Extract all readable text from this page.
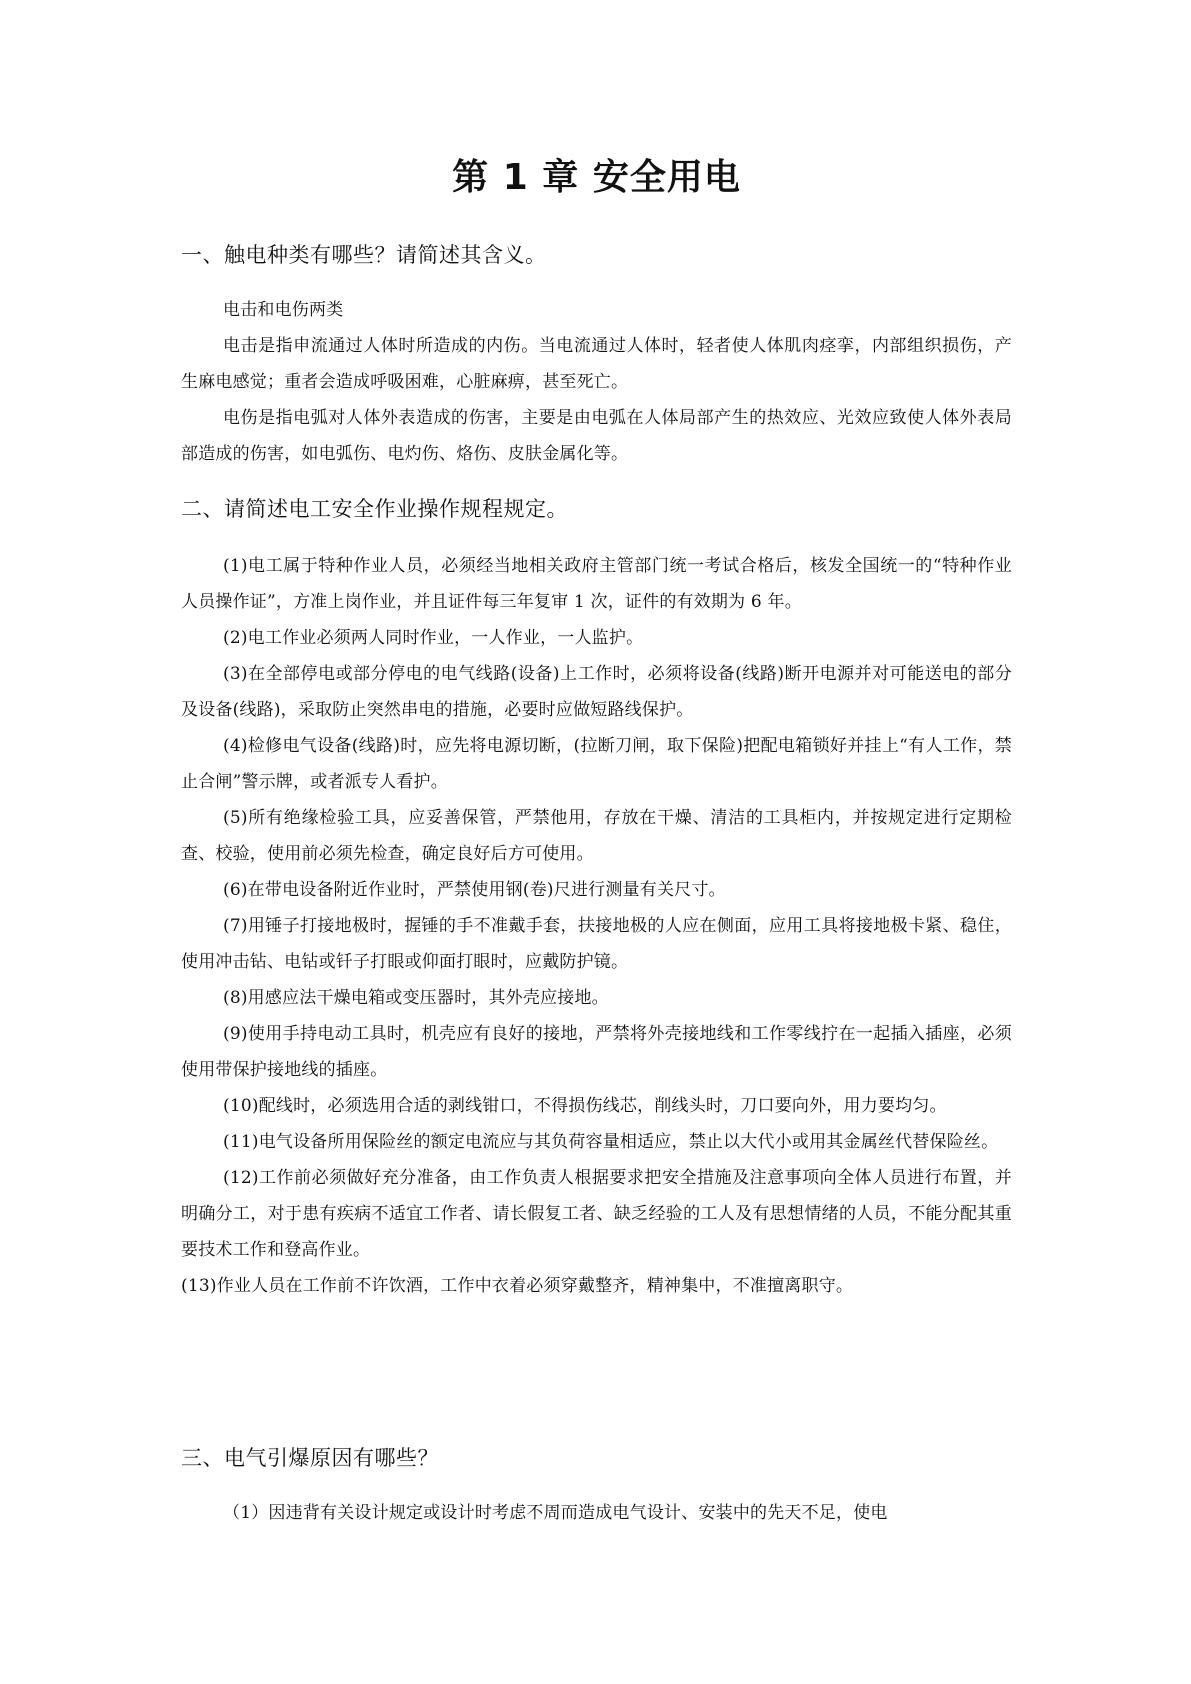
第 1 章 安全用电
一、触电种类有哪些？请简述其含义。

电击和电伤两类

电击是指申流通过人体时所造成的内伤。当电流通过人体时，轻者使人体肌肉痉挛，内部组织损伤，产生麻电感觉；重者会造成呼吸困难，心脏麻痹，甚至死亡。

电伤是指电弧对人体外表造成的伤害，主要是由电弧在人体局部产生的热效应、光效应致使人体外表局部造成的伤害，如电弧伤、电灼伤、烙伤、皮肤金属化等。

二、请简述电工安全作业操作规程规定。

(1)电工属于特种作业人员，必须经当地相关政府主管部门统一考试合格后，核发全国统一的“特种作业人员操作证”，方准上岗作业，并且证件每三年复审 1 次，证件的有效期为 6 年。

(2)电工作业必须两人同时作业，一人作业，一人监护。

(3)在全部停电或部分停电的电气线路(设备)上工作时，必须将设备(线路)断开电源并对可能送电的部分及设备(线路)，采取防止突然串电的措施，必要时应做短路线保护。

(4)检修电气设备(线路)时，应先将电源切断，(拉断刀闸，取下保险)把配电箱锁好并挂上“有人工作，禁止合闸”警示牌，或者派专人看护。

(5)所有绝缘检验工具，应妥善保管，严禁他用，存放在干燥、清洁的工具柜内，并按规定进行定期检查、校验，使用前必须先检查，确定良好后方可使用。

(6)在带电设备附近作业时，严禁使用钢(卷)尺进行测量有关尺寸。

(7)用锤子打接地极时，握锤的手不准戴手套，扶接地极的人应在侧面，应用工具将接地极卡紧、稳住，使用冲击钻、电钻或钎子打眼或仰面打眼时，应戴防护镜。

(8)用感应法干燥电箱或变压器时，其外壳应接地。

(9)使用手持电动工具时，机壳应有良好的接地，严禁将外壳接地线和工作零线拧在一起插入插座，必须使用带保护接地线的插座。

(10)配线时，必须选用合适的剥线钳口，不得损伤线芯，削线头时，刀口要向外，用力要均匀。

(11)电气设备所用保险丝的额定电流应与其负荷容量相适应，禁止以大代小或用其金属丝代替保险丝。

(12)工作前必须做好充分准备，由工作负责人根据要求把安全措施及注意事项向全体人员进行布置，并明确分工，对于患有疾病不适宜工作者、请长假复工者、缺乏经验的工人及有思想情绪的人员，不能分配其重要技术工作和登高作业。

(13)作业人员在工作前不许饮酒，工作中衣着必须穿戴整齐，精神集中，不准擅离职守。

三、电气引爆原因有哪些？

（1）因违背有关设计规定或设计时考虑不周而造成电气设计、安装中的先天不足，使电
